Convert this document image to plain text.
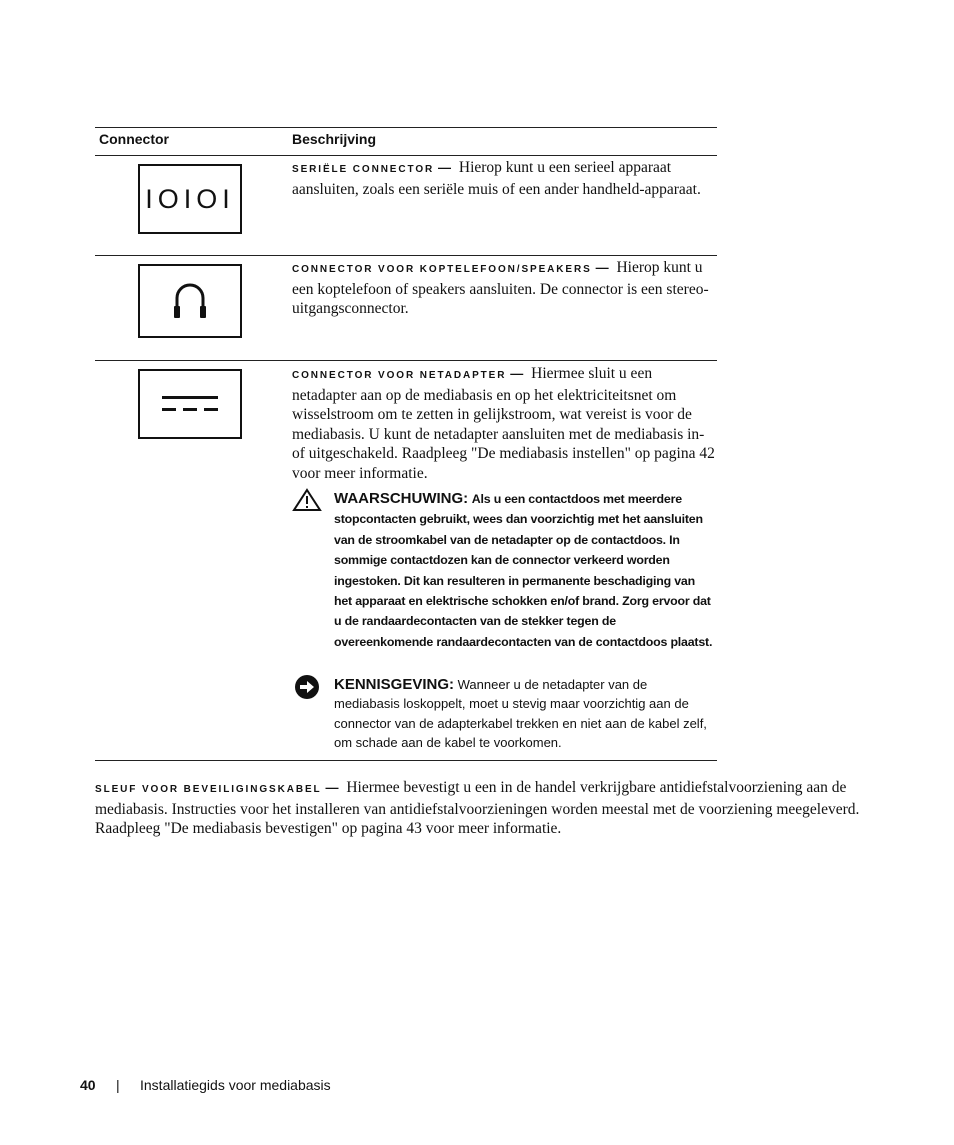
Connector	Beschrijving
IOIOI
SERIËLE CONNECTOR — Hierop kunt u een serieel apparaat aansluiten, zoals een seriële muis of een ander handheld-apparaat.
CONNECTOR VOOR KOPTELEFOON/SPEAKERS — Hierop kunt u een koptelefoon of speakers aansluiten. De connector is een stereo-uitgangsconnector.
CONNECTOR VOOR NETADAPTER — Hiermee sluit u een netadapter aan op de mediabasis en op het elektriciteitsnet om wisselstroom om te zetten in gelijkstroom, wat vereist is voor de mediabasis. U kunt de netadapter aansluiten met de mediabasis in- of uitgeschakeld. Raadpleeg "De mediabasis instellen" op pagina 42 voor meer informatie.
WAARSCHUWING: Als u een contactdoos met meerdere stopcontacten gebruikt, wees dan voorzichtig met het aansluiten van de stroomkabel van de netadapter op de contactdoos. In sommige contactdozen kan de connector verkeerd worden ingestoken. Dit kan resulteren in permanente beschadiging van het apparaat en elektrische schokken en/of brand. Zorg ervoor dat u de randaardecontacten van de stekker tegen de overeenkomende randaardecontacten van de contactdoos plaatst.
KENNISGEVING: Wanneer u de netadapter van de mediabasis loskoppelt, moet u stevig maar voorzichtig aan de connector van de adapterkabel trekken en niet aan de kabel zelf, om schade aan de kabel te voorkomen.
SLEUF VOOR BEVEILIGINGSKABEL — Hiermee bevestigt u een in de handel verkrijgbare antidiefstalvoorziening aan de mediabasis. Instructies voor het installeren van antidiefstalvoorzieningen worden meestal met de voorziening meegeleverd. Raadpleeg "De mediabasis bevestigen" op pagina 43 voor meer informatie.
40 | Installatiegids voor mediabasis
